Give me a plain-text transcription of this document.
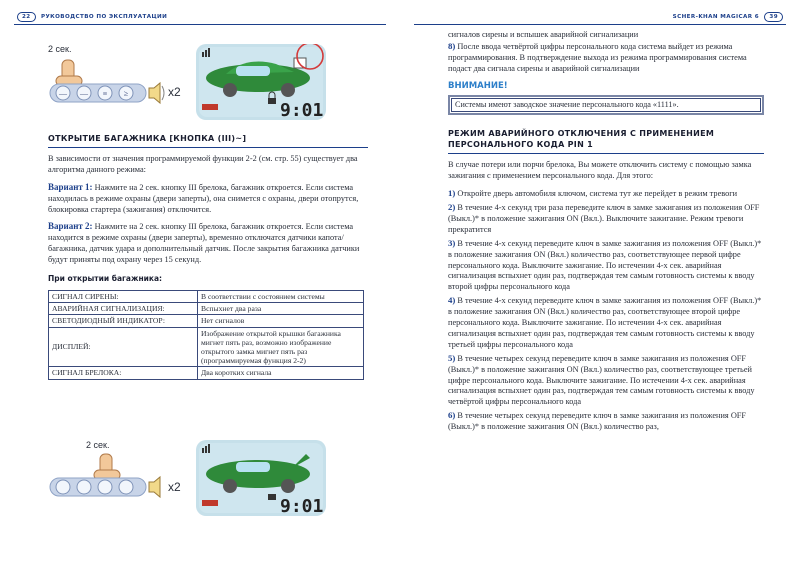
22 РУКОВОДСТВО ПО ЭКСПЛУАТАЦИИ	SCHER-KHAN MAGICAR 6 39
2 сек.
— — ≡ ≥	x2
9:01
ОТКРЫТИЕ БАГАЖНИКА [КНОПКА (III)~]

В зависимости от значения программируемой функции 2-2 (см. стр. 55) существует два алгоритма данного режима:

Вариант 1: Нажмите на 2 сек. кнопку III брелока, багажник откроется. Если система находилась в режиме охраны (двери заперты), она снимется с охраны, двери отопрутся, блокировка стартера (зажигания) отключится.

Вариант 2: Нажмите на 2 сек. кнопку III брелока, багажник откроется. Если система находится в режиме охраны (двери заперты), временно отключатся датчики капота/багажника, датчик удара и дополнительный датчик. После закрытия багажника датчики будут приняты под охрану через 15 секунд.

При открытии багажника:
СИГНАЛ СИРЕНЫ:	В соответствии с состоянием системы
АВАРИЙНАЯ СИГНАЛИЗАЦИЯ:	Вспыхнет два раза
СВЕТОДИОДНЫЙ ИНДИКАТОР:	Нет сигналов
ДИСПЛЕЙ:	Изображение открытой крышки багажника мигнет пять раз, возможно изображение открытого замка мигнет пять раз (программируемая функция 2-2)
СИГНАЛ БРЕЛОКА:	Два коротких сигнала
2 сек.
x2
9:01

сигналов сирены и вспышек аварийной сигнализации

8) После ввода четвёртой цифры персонального кода система выйдет из режима программирования. В подтверждение выхода из режима программирования система подаст два сигнала сирены и аварийной сигнализации

ВНИМАНИЕ!
Системы имеют заводское значение персонального кода «1111».
РЕЖИМ АВАРИЙНОГО ОТКЛЮЧЕНИЯ С ПРИМЕНЕНИЕМ ПЕРСОНАЛЬНОГО КОДА PIN 1

В случае потери или порчи брелока, Вы можете отключить систему с помощью замка зажигания с применением персонального кода. Для этого:

1) Откройте дверь автомобиля ключом, система тут же перейдет в режим тревоги

2) В течение 4-х секунд три раза переведите ключ в замке зажигания из положения OFF (Выкл.)* в положение зажигания ON (Вкл.). Выключите зажигание. Режим тревоги прекратится

3) В течение 4-х секунд переведите ключ в замке зажигания из положения OFF (Выкл.)* в положение зажигания ON (Вкл.) количество раз, соответствующее первой цифре персонального кода. Выключите зажигание. По истечении 4-х сек. аварийная сигнализация вспыхнет один раз, подтверждая тем самым готовность системы к вводу второй цифры персонального кода

4) В течение 4-х секунд переведите ключ в замке зажигания из положения OFF (Выкл.)* в положение зажигания ON (Вкл.) количество раз, соответствующее второй цифре персонального кода. Выключите зажигание. По истечении 4-х сек. аварийная сигнализация вспыхнет один раз, подтверждая тем самым готовность системы к вводу третьей цифры персонального кода

5) В течение четырех секунд переведите ключ в замке зажигания из положения OFF (Выкл.)* в положение зажигания ON (Вкл.) количество раз, соответствующее третьей цифре персонального кода. Выключите зажигание. По истечении 4-х сек. аварийная сигнализация вспыхнет один раз, подтверждая тем самым готовность системы к вводу четвёртой цифры персонального кода

6) В течение четырех секунд переведите ключ в замке зажигания из положения OFF (Выкл.)* в положение зажигания ON (Вкл.) количество раз,
